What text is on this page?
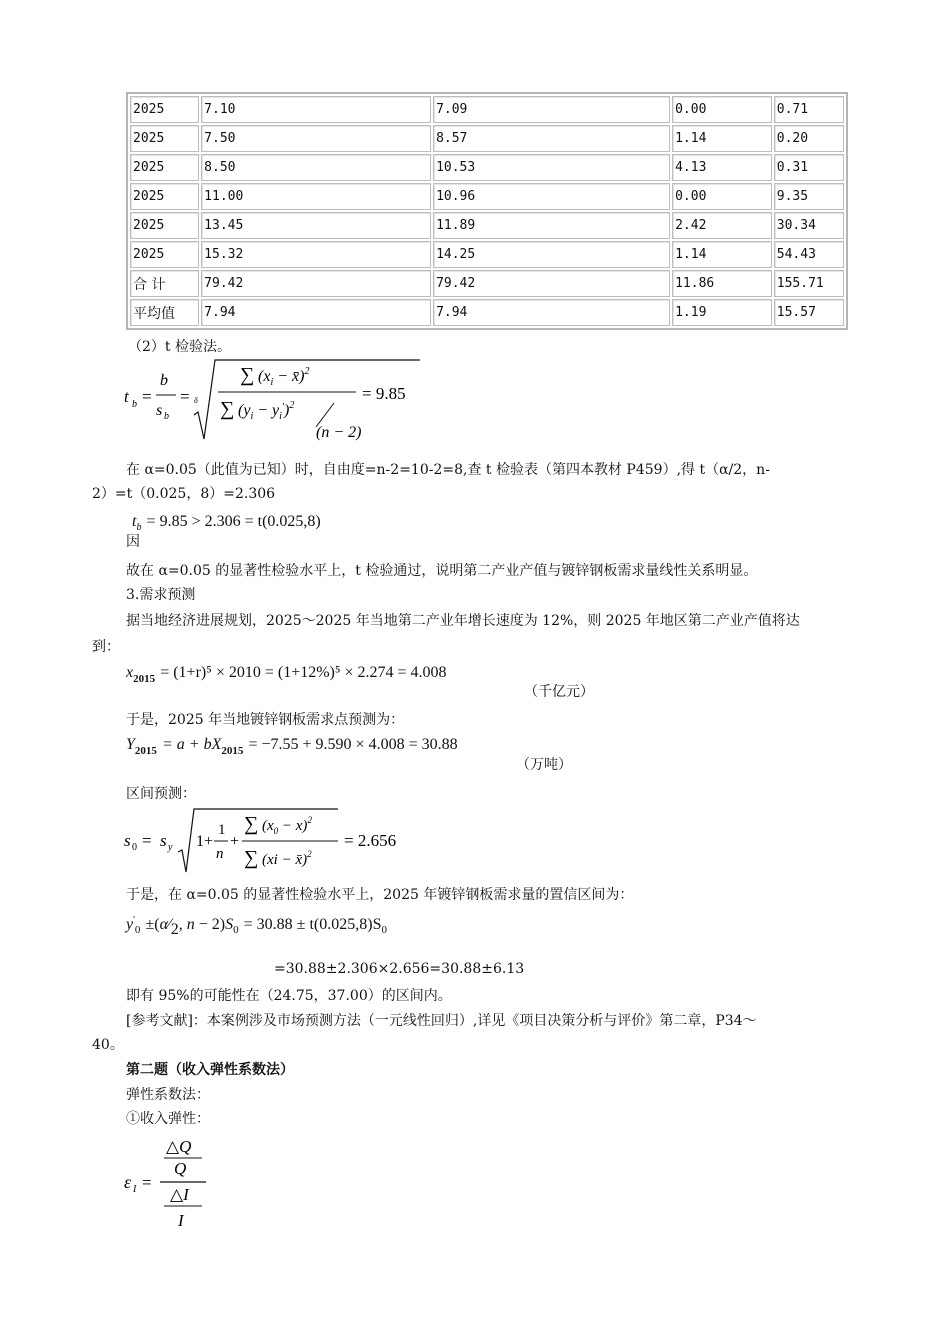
2025	7.10	7.09	0.00	0.71
2025	7.50	8.57	1.14	0.20
2025	8.50	10.53	4.13	0.31
2025	11.00	10.96	0.00	9.35
2025	13.45	11.89	2.42	30.34
2025	15.32	14.25	1.14	54.43
合 计	79.42	79.42	11.86	155.71
平均值	7.94	7.94	1.19	15.57
（2）t 检验法。
t b =
b
s b
= δ
∑ ($x_i$ − x̄)$^2$
∑ $(y_i - y_i')^2$
(n − 2)
= 9.85
在 α=0.05（此值为已知）时，自由度=n-2=10-2=8,查 t 检验表（第四本教材 P459）,得 t（α/2，n-
2）=t（0.025，8）=2.306
$t_b = 9.85 > 2.306 = t(0.025,8)$
因
故在 α=0.05 的显著性检验水平上，t 检验通过，说明第二产业产值与镀锌钢板需求量线性关系明显。
3.需求预测
据当地经济进展规划，2025～2025 年当地第二产业年增长速度为 12%，则 2025 年地区第二产业产值将达
到：
$x_{2015} = (1+r)^5 \times 2010 = (1+12\%)^5 \times 2.274 = 4.008$
（千亿元）
于是，2025 年当地镀锌钢板需求点预测为：
$Y_{2015} = a + bX_{2015} = -7.55 + 9.590 \times 4.008 = 30.88$
（万吨）
区间预测：
s 0 = s y 1+
1
n
+
∑ $(x_0 - x)^2$
∑ (xi − x̄)$^2$
= 2.656
于是，在 α=0.05 的显著性检验水平上，2025 年镀锌钢板需求量的置信区间为：
$y'_0$ ±(α⁄2, $n - 2)S_0 = 30.88 \pm t(0.025,8)S_0$
=30.88±2.306×2.656=30.88±6.13
即有 95%的可能性在（24.75，37.00）的区间内。
[参考文献]：本案例涉及市场预测方法（一元线性回归）,详见《项目决策分析与评价》第二章，P34～
40。
第二题（收入弹性系数法）
弹性系数法：
①收入弹性：
△Q
Q
△I
I
ε I =
